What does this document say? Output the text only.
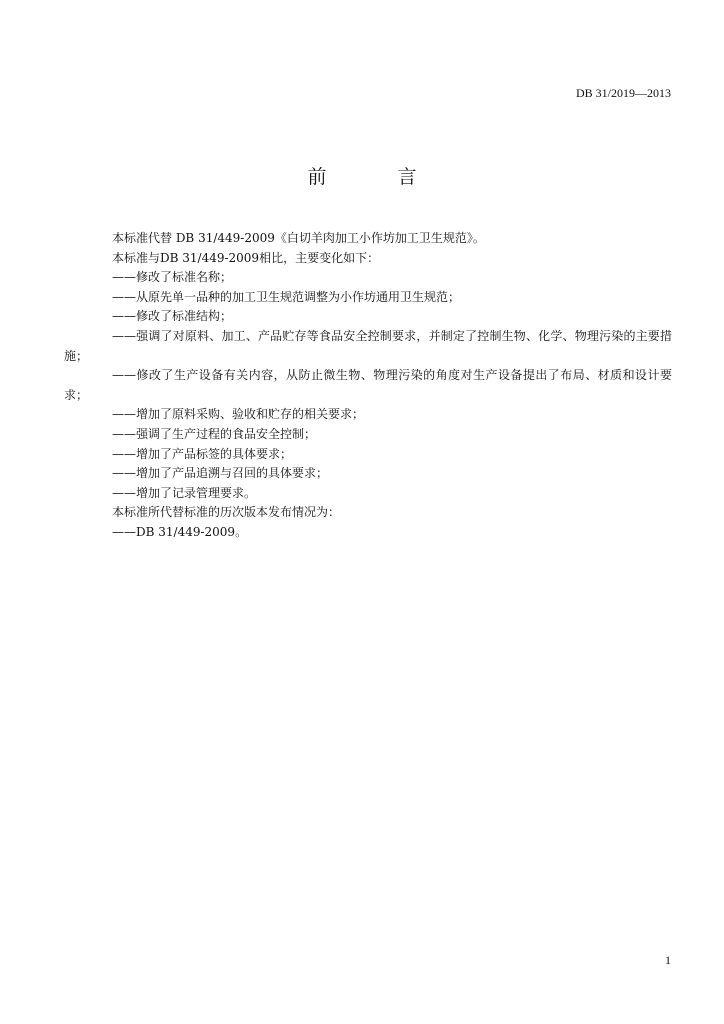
DB 31/2019—2013
前　言

本标准代替 DB 31/449-2009《白切羊肉加工小作坊加工卫生规范》。

本标准与DB 31/449-2009相比，主要变化如下：

——修改了标准名称；

——从原先单一品种的加工卫生规范调整为小作坊通用卫生规范；

——修改了标准结构；

——强调了对原料、加工、产品贮存等食品安全控制要求，并制定了控制生物、化学、物理污染的主要措施；

——修改了生产设备有关内容，从防止微生物、物理污染的角度对生产设备提出了布局、材质和设计要求；

——增加了原料采购、验收和贮存的相关要求；

——强调了生产过程的食品安全控制；

——增加了产品标签的具体要求；

——增加了产品追溯与召回的具体要求；

——增加了记录管理要求。

本标准所代替标准的历次版本发布情况为：

——DB 31/449-2009。

1
